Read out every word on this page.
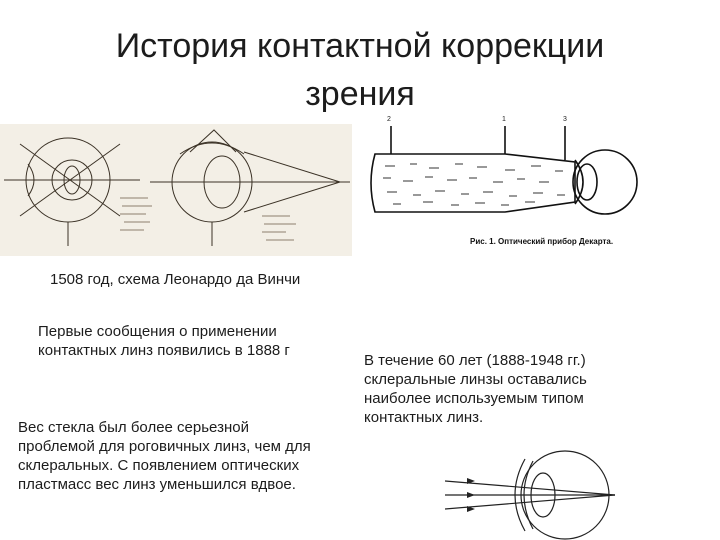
История контактной коррекции зрения
2	1	3
Рис. 1. Оптический прибор Декарта.
1508 год, схема Леонардо да Винчи
Первые сообщения о применении контактных линз появились в 1888 г
Вес стекла был более серьезной проблемой для роговичных линз, чем для склеральных. С появлением оптических пластмасс вес линз уменьшился вдвое.
В течение 60 лет (1888-1948 гг.) склеральные линзы оставались наиболее используемым типом контактных линз.
